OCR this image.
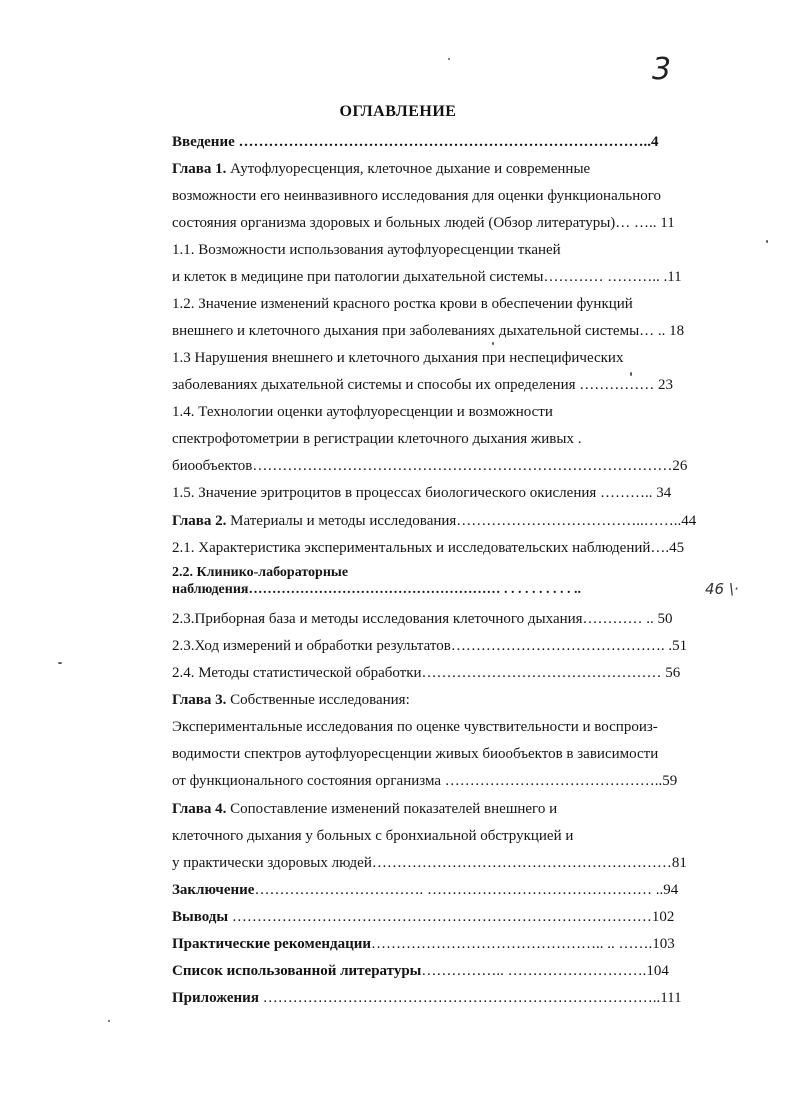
3
ОГЛАВЛЕНИЕ
Введение ………………………………………………………………………..4
Глава 1. Аутофлуоресценция, клеточное дыхание и современные
возможности его неинвазивного исследования для оценки функционального
состояния организма здоровых и больных людей (Обзор литературы)… ….. 11
1.1. Возможности использования аутофлуоресценции тканей
и клеток в медицине при патологии дыхательной системы………… ……….. .11
1.2. Значение изменений красного ростка крови в обеспечении функций
внешнего и клеточного дыхания при заболеваниях дыхательной системы… .. 18
1.3 Нарушения внешнего и клеточного дыхания при неспецифических
заболеваниях дыхательной системы и способы их определения …………… 23
1.4. Технологии оценки аутофлуоресценции и возможности
спектрофотометрии в регистрации клеточного дыхания живых .
биообъектов…………………………………………………………………………26
1.5. Значение эритроцитов в процессах биологического окисления ……….. 34
Глава 2. Материалы и методы исследования………………………………..……..44
2.1. Характеристика экспериментальных и исследовательских наблюдений….45
2.2. Клинико-лабораторные
наблюдения……………………………………………… . . . . . . . . . . ..
2.3.Приборная база и методы исследования клеточного дыхания………… .. 50
2.3.Ход измерений и обработки результатов……………………………………. .51
2.4. Методы статистической обработки………………………………………… 56
Глава 3. Собственные исследования:
Экспериментальные исследования по оценке чувствительности и воспроиз-
водимости спектров аутофлуоресценции живых биообъектов в зависимости
от функционального состояния организма ……………………………………..59
Глава 4. Сопоставление изменений показателей внешнего и
клеточного дыхания у больных с бронхиальной обструкцией и
у практически здоровых людей……………………………………………………81
Заключение……………………………. ……………………………………… ..94
Выводы …………………………………………………………………………102
Практические рекомендации……………………………………….. .. …….103
Список использованной литературы…………….. ……………………….104
Приложения ……………………………………………………………………..111
46 \·
